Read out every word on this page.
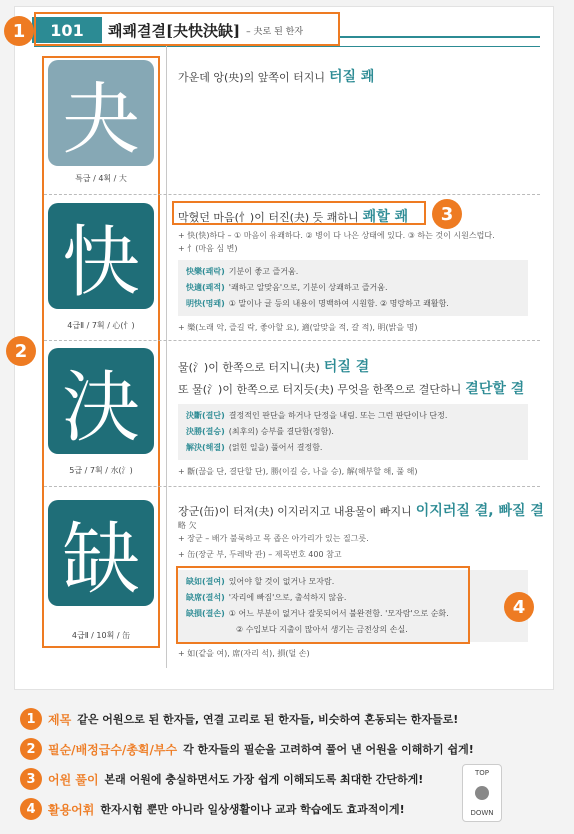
101	쾌쾌결결[夬快決缺] – 夬로 된 한자
1
2
夬
특급 / 4획 / 大
가운데 앙(央)의 앞쪽이 터지니 터질 쾌
快
4급Ⅱ / 7획 / 心(忄)
막혔던 마음(忄)이 터진(夬) 듯 쾌하니 쾌할 쾌	3
+ 快(快)하다 – ① 마음이 유쾌하다. ② 병이 다 나은 상태에 있다. ③ 하는 것이 시원스럽다.
+ 忄(마음 심 변)
快樂(쾌락) 기분이 좋고 즐거움.
快適(쾌적) '쾌하고 알맞음'으로, 기분이 상쾌하고 즐거움.
明快(명쾌) ① 말이나 글 등의 내용이 명백하여 시원함. ② 명랑하고 쾌활함.
+ 樂(노래 악, 즐길 락, 좋아할 요), 適(알맞을 적, 갈 적), 明(밝을 명)
決
5급 / 7획 / 水(氵)
물(氵)이 한쪽으로 터지니(夬) 터질 결
또 물(氵)이 한쪽으로 터지듯(夬) 무엇을 한쪽으로 결단하니 결단할 결
決斷(결단) 결정적인 판단을 하거나 단정을 내림. 또는 그런 판단이나 단정.
決勝(결승) (최후의) 승부를 결단함(정함).
解決(해결) (얽힌 일을) 풀어서 결정함.
+ 斷(끊을 단, 결단할 단), 勝(이길 승, 나을 승), 解(해부할 해, 풀 해)
缺
4급Ⅱ / 10획 / 缶
장군(缶)이 터져(夬) 이지러지고 내용물이 빠지니 이지러질 결, 빠질 결
略 欠
+ 장군 – 배가 불룩하고 목 좁은 아가리가 있는 질그릇.
+ 缶(장군 부, 두레박 관) – 제목번호 400 참고
缺如(결여) 있어야 할 것이 없거나 모자람.
缺席(결석) '자리에 빠짐'으로, 출석하지 않음.
缺損(결손) ① 어느 부분이 없거나 잘못되어서 불완전함. '모자람'으로 순화.
② 수입보다 지출이 많아서 생기는 금전상의 손실.
4
+ 如(같을 여), 席(자리 석), 損(덜 손)
1	제목 같은 어원으로 된 한자들, 연결 고리로 된 한자들, 비슷하여 혼동되는 한자들로!
2	필순/배정급수/총획/부수 각 한자들의 필순을 고려하여 풀어 낸 어원을 이해하기 쉽게!
3	어원 풀이 본래 어원에 충실하면서도 가장 쉽게 이해되도록 최대한 간단하게!
4	활용어휘 한자시험 뿐만 아니라 일상생활이나 교과 학습에도 효과적이게!
TOP
DOWN
